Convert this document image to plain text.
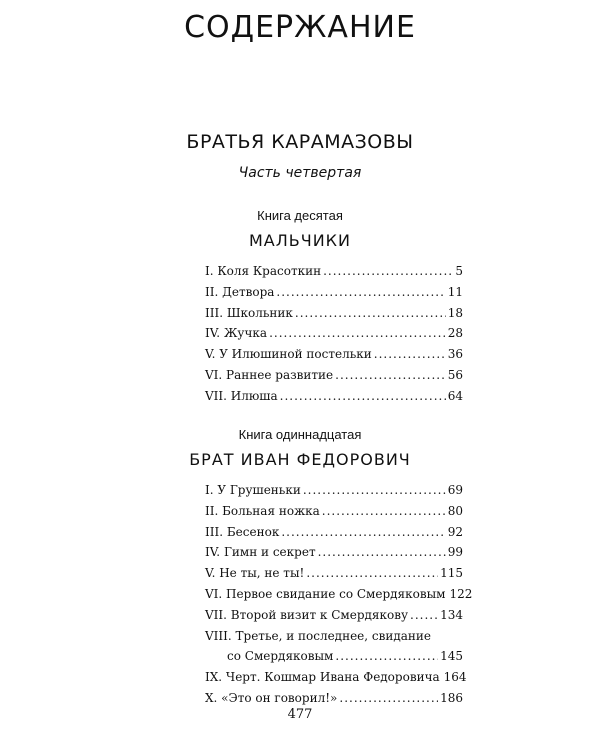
СОДЕРЖАНИЕ
БРАТЬЯ КАРАМАЗОВЫ
Часть четвертая
Книга десятая
МАЛЬЧИКИ
I. Коля Красоткин .....	5
II. Детвора .....	11
III. Школьник .....	18
IV. Жучка .....	28
V. У Илюшиной постельки .....	36
VI. Раннее развитие .....	56
VII. Илюша .....	64
Книга одиннадцатая
БРАТ ИВАН ФЕДОРОВИЧ
I. У Грушеньки .....	69
II. Больная ножка .....	80
III. Бесенок .....	92
IV. Гимн и секрет .....	99
V. Не ты, не ты! .....	115
VI. Первое свидание со Смердяковым 122
VII. Второй визит к Смердякову .....	134
VIII. Третье, и последнее, свидание
со Смердяковым .....	145
IX. Черт. Кошмар Ивана Федоровича 164
X. «Это он говорил!» .....	186
477
